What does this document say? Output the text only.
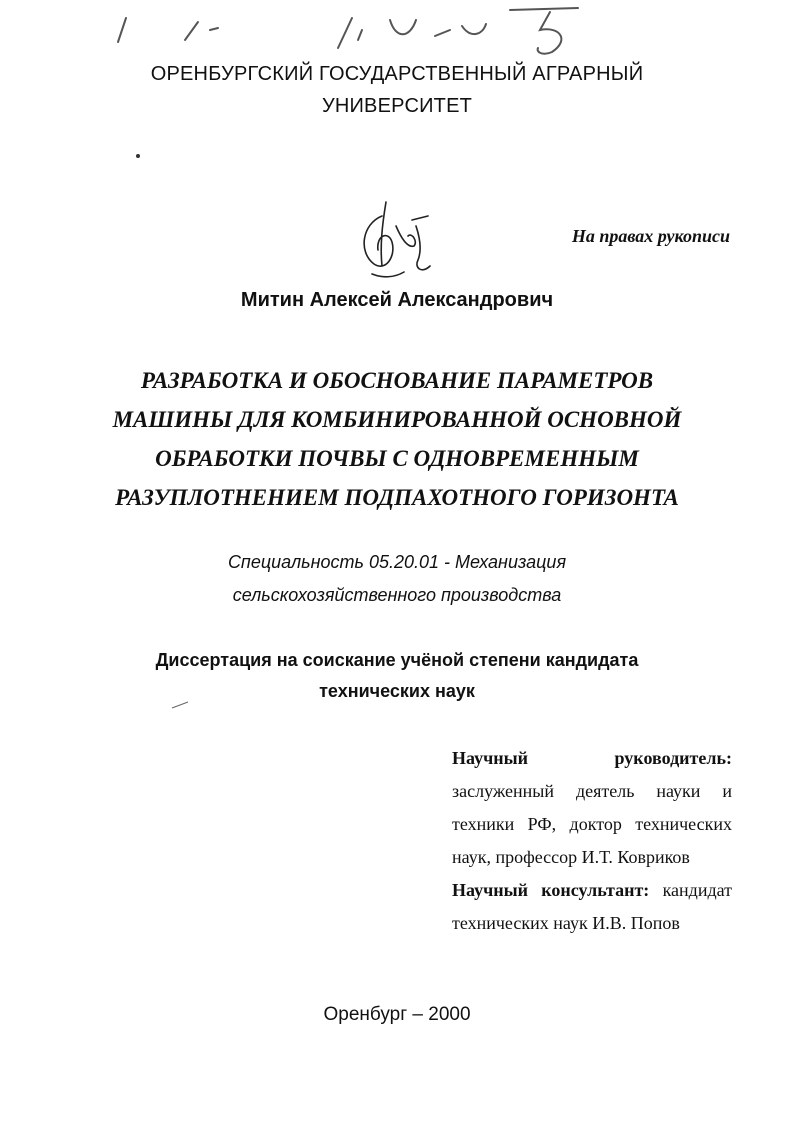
ОРЕНБУРГСКИЙ ГОСУДАРСТВЕННЫЙ АГРАРНЫЙ
УНИВЕРСИТЕТ
На правах рукописи
Митин Алексей Александрович
РАЗРАБОТКА И ОБОСНОВАНИЕ ПАРАМЕТРОВ
МАШИНЫ ДЛЯ КОМБИНИРОВАННОЙ ОСНОВНОЙ
ОБРАБОТКИ ПОЧВЫ С ОДНОВРЕМЕННЫМ
РАЗУПЛОТНЕНИЕМ ПОДПАХОТНОГО ГОРИЗОНТА
Специальность 05.20.01 - Механизация
сельскохозяйственного производства
Диссертация на соискание учёной степени кандидата
технических наук
Научный руководитель:
заслуженный деятель науки и
техники РФ, доктор технических
наук, профессор И.Т. Ковриков
Научный консультант: кандидат
технических наук И.В. Попов
Оренбург – 2000
